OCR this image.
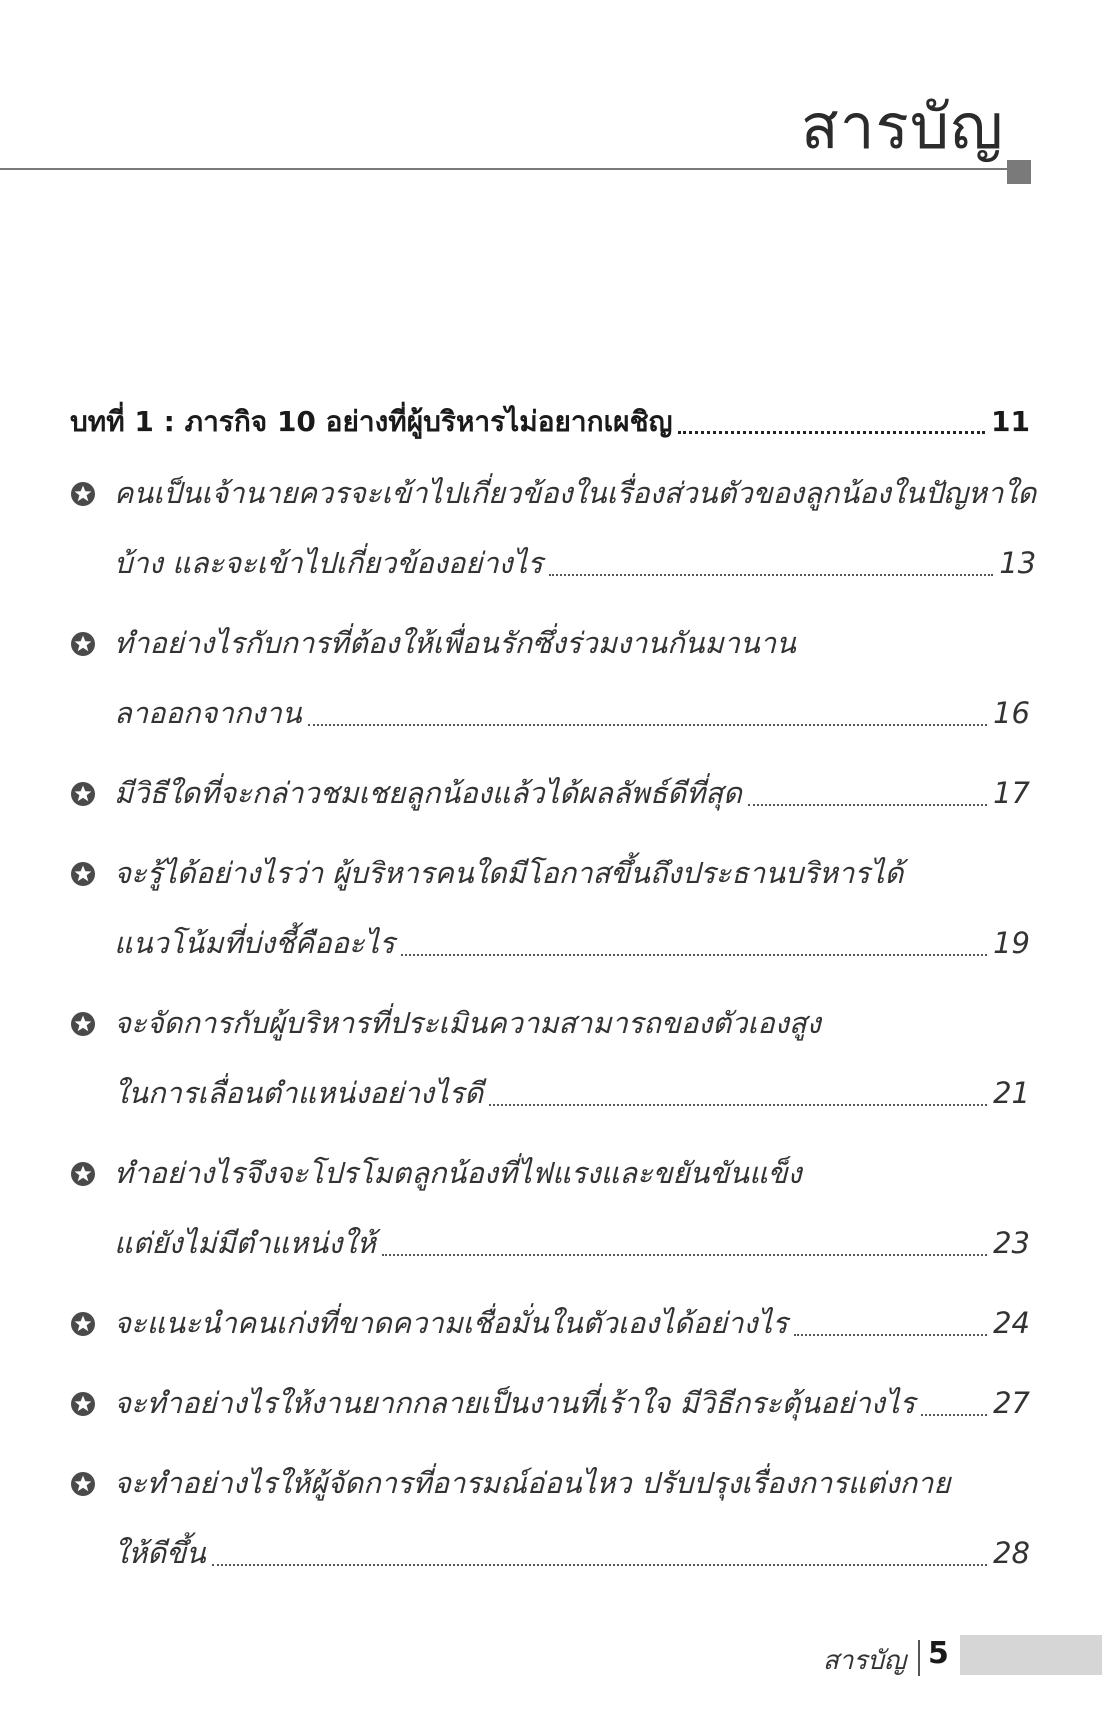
สารบัญ
บทที่ 1 : ภารกิจ 10 อย่างที่ผู้บริหารไม่อยากเผชิญ	11
คนเป็นเจ้านายควรจะเข้าไปเกี่ยวข้องในเรื่องส่วนตัวของลูกน้องในปัญหาใด
บ้าง และจะเข้าไปเกี่ยวข้องอย่างไร	13
ทำอย่างไรกับการที่ต้องให้เพื่อนรักซึ่งร่วมงานกันมานาน
ลาออกจากงาน	16
มีวิธีใดที่จะกล่าวชมเชยลูกน้องแล้วได้ผลลัพธ์ดีที่สุด	17
จะรู้ได้อย่างไรว่า ผู้บริหารคนใดมีโอกาสขึ้นถึงประธานบริหารได้
แนวโน้มที่บ่งชี้คืออะไร	19
จะจัดการกับผู้บริหารที่ประเมินความสามารถของตัวเองสูง
ในการเลื่อนตำแหน่งอย่างไรดี	21
ทำอย่างไรจึงจะโปรโมตลูกน้องที่ไฟแรงและขยันขันแข็ง
แต่ยังไม่มีตำแหน่งให้	23
จะแนะนำคนเก่งที่ขาดความเชื่อมั่นในตัวเองได้อย่างไร	24
จะทำอย่างไรให้งานยากกลายเป็นงานที่เร้าใจ มีวิธีกระตุ้นอย่างไร	27
จะทำอย่างไรให้ผู้จัดการที่อารมณ์อ่อนไหว ปรับปรุงเรื่องการแต่งกาย
ให้ดีขึ้น	28
สารบัญ 5
